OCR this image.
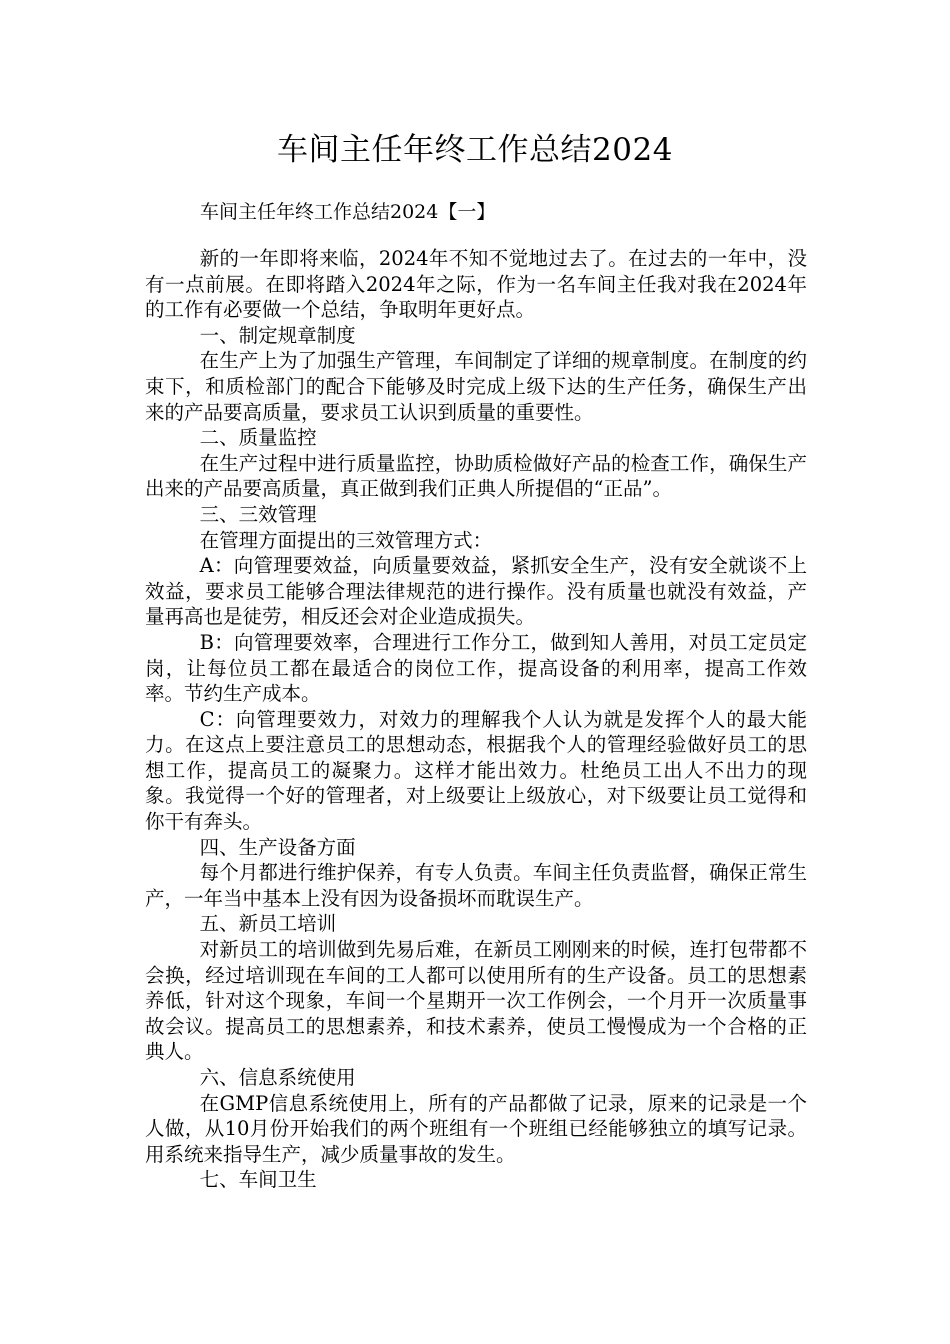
车间主任年终工作总结2024
车间主任年终工作总结2024【一】

新的一年即将来临，2024年不知不觉地过去了。在过去的一年中，没有一点前展。在即将踏入2024年之际，作为一名车间主任我对我在2024年的工作有必要做一个总结，争取明年更好点。

一、制定规章制度

在生产上为了加强生产管理，车间制定了详细的规章制度。在制度的约束下，和质检部门的配合下能够及时完成上级下达的生产任务，确保生产出来的产品要高质量，要求员工认识到质量的重要性。

二、质量监控

在生产过程中进行质量监控，协助质检做好产品的检查工作，确保生产出来的产品要高质量，真正做到我们正典人所提倡的“正品”。

三、三效管理

在管理方面提出的三效管理方式：

A：向管理要效益，向质量要效益，紧抓安全生产，没有安全就谈不上效益，要求员工能够合理法律规范的进行操作。没有质量也就没有效益，产量再高也是徒劳，相反还会对企业造成损失。

B：向管理要效率，合理进行工作分工，做到知人善用，对员工定员定岗，让每位员工都在最适合的岗位工作，提高设备的利用率，提高工作效率。节约生产成本。

C：向管理要效力，对效力的理解我个人认为就是发挥个人的最大能力。在这点上要注意员工的思想动态，根据我个人的管理经验做好员工的思想工作，提高员工的凝聚力。这样才能出效力。杜绝员工出人不出力的现象。我觉得一个好的管理者，对上级要让上级放心，对下级要让员工觉得和你干有奔头。

四、生产设备方面

每个月都进行维护保养，有专人负责。车间主任负责监督，确保正常生产，一年当中基本上没有因为设备损坏而耽误生产。

五、新员工培训

对新员工的培训做到先易后难，在新员工刚刚来的时候，连打包带都不会换，经过培训现在车间的工人都可以使用所有的生产设备。员工的思想素养低，针对这个现象，车间一个星期开一次工作例会，一个月开一次质量事故会议。提高员工的思想素养，和技术素养，使员工慢慢成为一个合格的正典人。

六、信息系统使用

在GMP信息系统使用上，所有的产品都做了记录，原来的记录是一个人做，从10月份开始我们的两个班组有一个班组已经能够独立的填写记录。用系统来指导生产，减少质量事故的发生。

七、车间卫生
